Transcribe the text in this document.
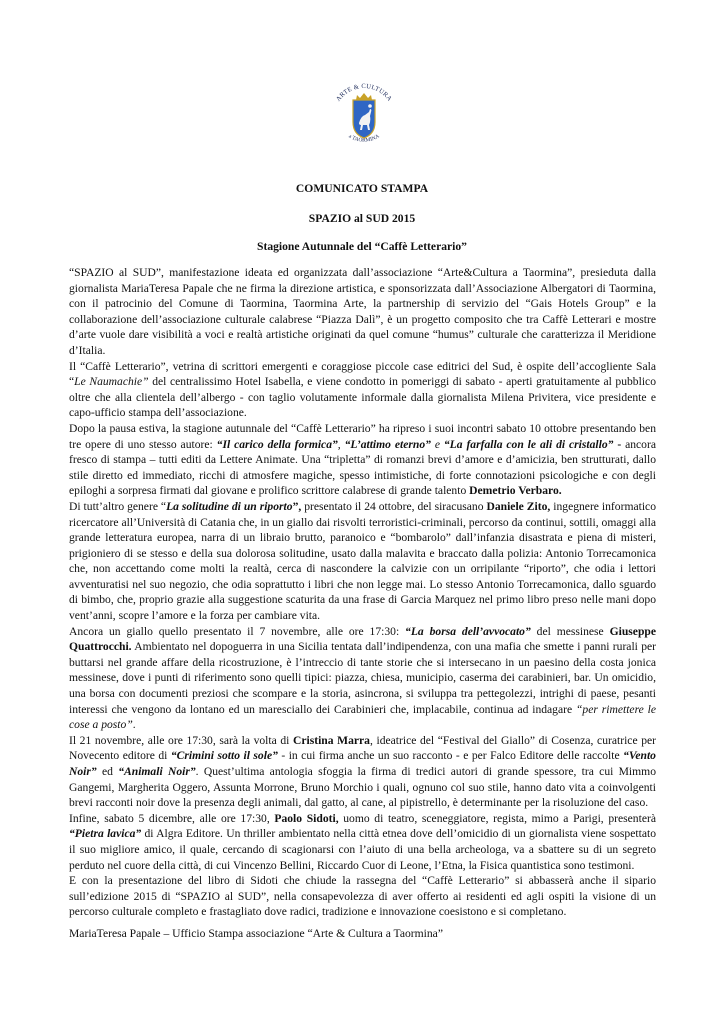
ARTE & CULTURA
a TAORMINA
COMUNICATO STAMPA
SPAZIO al SUD 2015
Stagione Autunnale del “Caffè Letterario”

“SPAZIO al SUD”, manifestazione ideata ed organizzata dall’associazione “Arte&Cultura a Taormina”, presieduta dalla giornalista MariaTeresa Papale che ne firma la direzione artistica, e sponsorizzata dall’Associazione Albergatori di Taormina, con il patrocinio del Comune di Taormina, Taormina Arte, la partnership di servizio del “Gais Hotels Group” e la collaborazione dell’associazione culturale calabrese “Piazza Dalì”, è un progetto composito che tra Caffè Letterari e mostre d’arte vuole dare visibilità a voci e realtà artistiche originati da quel comune “humus” culturale che caratterizza il Meridione d’Italia.

Il “Caffè Letterario”, vetrina di scrittori emergenti e coraggiose piccole case editrici del Sud, è ospite dell’accogliente Sala “Le Naumachie” del centralissimo Hotel Isabella, e viene condotto in pomeriggi di sabato - aperti gratuitamente al pubblico oltre che alla clientela dell’albergo - con taglio volutamente informale dalla giornalista Milena Privitera, vice presidente e capo-ufficio stampa dell’associazione.

Dopo la pausa estiva, la stagione autunnale del “Caffè Letterario” ha ripreso i suoi incontri sabato 10 ottobre presentando ben tre opere di uno stesso autore: “Il carico della formica”, “L’attimo eterno” e “La farfalla con le ali di cristallo” - ancora fresco di stampa – tutti editi da Lettere Animate. Una “tripletta” di romanzi brevi d’amore e d’amicizia, ben strutturati, dallo stile diretto ed immediato, ricchi di atmosfere magiche, spesso intimistiche, di forte connotazioni psicologiche e con degli epiloghi a sorpresa firmati dal giovane e prolifico scrittore calabrese di grande talento Demetrio Verbaro.

Di tutt’altro genere “La solitudine di un riporto”, presentato il 24 ottobre, del siracusano Daniele Zito, ingegnere informatico ricercatore all’Università di Catania che, in un giallo dai risvolti terroristici-criminali, percorso da continui, sottili, omaggi alla grande letteratura europea, narra di un libraio brutto, paranoico e “bombarolo” dall’infanzia disastrata e piena di misteri, prigioniero di se stesso e della sua dolorosa solitudine, usato dalla malavita e braccato dalla polizia: Antonio Torrecamonica che, non accettando come molti la realtà, cerca di nascondere la calvizie con un orripilante “riporto”, che odia i lettori avventuratisi nel suo negozio, che odia soprattutto i libri che non legge mai. Lo stesso Antonio Torrecamonica, dallo sguardo di bimbo, che, proprio grazie alla suggestione scaturita da una frase di Garcia Marquez nel primo libro preso nelle mani dopo vent’anni, scopre l’amore e la forza per cambiare vita.

Ancora un giallo quello presentato il 7 novembre, alle ore 17:30: “La borsa dell’avvocato” del messinese Giuseppe Quattrocchi. Ambientato nel dopoguerra in una Sicilia tentata dall’indipendenza, con una mafia che smette i panni rurali per buttarsi nel grande affare della ricostruzione, è l’intreccio di tante storie che si intersecano in un paesino della costa jonica messinese, dove i punti di riferimento sono quelli tipici: piazza, chiesa, municipio, caserma dei carabinieri, bar. Un omicidio, una borsa con documenti preziosi che scompare e la storia, asincrona, si sviluppa tra pettegolezzi, intrighi di paese, pesanti interessi che vengono da lontano ed un maresciallo dei Carabinieri che, implacabile, continua ad indagare “per rimettere le cose a posto”.

Il 21 novembre, alle ore 17:30, sarà la volta di Cristina Marra, ideatrice del “Festival del Giallo” di Cosenza, curatrice per Novecento editore di “Crimini sotto il sole” - in cui firma anche un suo racconto - e per Falco Editore delle raccolte “Vento Noir” ed “Animali Noir”. Quest’ultima antologia sfoggia la firma di tredici autori di grande spessore, tra cui Mimmo Gangemi, Margherita Oggero, Assunta Morrone, Bruno Morchio i quali, ognuno col suo stile, hanno dato vita a coinvolgenti brevi racconti noir dove la presenza degli animali, dal gatto, al cane, al pipistrello, è determinante per la risoluzione del caso.

Infine, sabato 5 dicembre, alle ore 17:30, Paolo Sidoti, uomo di teatro, sceneggiatore, regista, mimo a Parigi, presenterà “Pietra lavica” di Algra Editore. Un thriller ambientato nella città etnea dove dell’omicidio di un giornalista viene sospettato il suo migliore amico, il quale, cercando di scagionarsi con l’aiuto di una bella archeologa, va a sbattere su di un segreto perduto nel cuore della città, di cui Vincenzo Bellini, Riccardo Cuor di Leone, l’Etna, la Fisica quantistica sono testimoni.

E con la presentazione del libro di Sidoti che chiude la rassegna del “Caffè Letterario” si abbasserà anche il sipario sull’edizione 2015 di “SPAZIO al SUD”, nella consapevolezza di aver offerto ai residenti ed agli ospiti la visione di un percorso culturale completo e frastagliato dove radici, tradizione e innovazione coesistono e si completano.

MariaTeresa Papale – Ufficio Stampa associazione “Arte & Cultura a Taormina”
